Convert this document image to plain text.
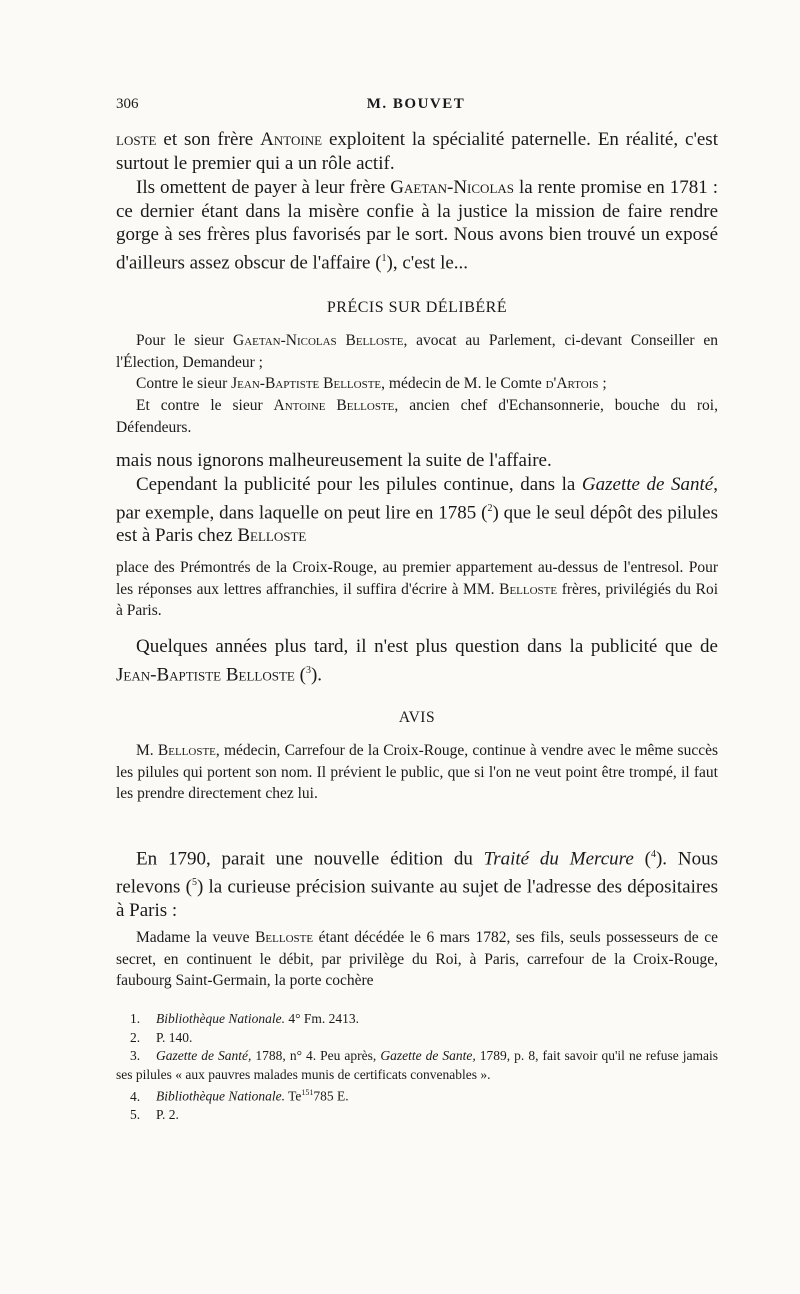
306	M. BOUVET

loste et son frère Antoine exploitent la spécialité paternelle. En réalité, c'est surtout le premier qui a un rôle actif.

Ils omettent de payer à leur frère Gaetan-Nicolas la rente promise en 1781 : ce dernier étant dans la misère confie à la justice la mission de faire rendre gorge à ses frères plus favorisés par le sort. Nous avons bien trouvé un exposé d'ailleurs assez obscur de l'affaire ($^1$), c'est le...

PRÉCIS SUR DÉLIBÉRÉ

Pour le sieur Gaetan-Nicolas Belloste, avocat au Parlement, ci-devant Conseiller en l'Élection, Demandeur ;

Contre le sieur Jean-Baptiste Belloste, médecin de M. le Comte d'Artois ;

Et contre le sieur Antoine Belloste, ancien chef d'Echansonnerie, bouche du roi, Défendeurs.

mais nous ignorons malheureusement la suite de l'affaire.

Cependant la publicité pour les pilules continue, dans la Gazette de Santé, par exemple, dans laquelle on peut lire en 1785 ($^2$) que le seul dépôt des pilules est à Paris chez Belloste

place des Prémontrés de la Croix-Rouge, au premier appartement au-dessus de l'entresol. Pour les réponses aux lettres affranchies, il suffira d'écrire à MM. Belloste frères, privilégiés du Roi à Paris.

Quelques années plus tard, il n'est plus question dans la publicité que de Jean-Baptiste Belloste ($^3$).

AVIS

M. Belloste, médecin, Carrefour de la Croix-Rouge, continue à vendre avec le même succès les pilules qui portent son nom. Il prévient le public, que si l'on ne veut point être trompé, il faut les prendre directement chez lui.

En 1790, parait une nouvelle édition du Traité du Mercure ($^4$). Nous relevons ($^5$) la curieuse précision suivante au sujet de l'adresse des dépositaires à Paris :

Madame la veuve Belloste étant décédée le 6 mars 1782, ses fils, seuls possesseurs de ce secret, en continuent le débit, par privilège du Roi, à Paris, carrefour de la Croix-Rouge, faubourg Saint-Germain, la porte cochère

1. Bibliothèque Nationale. 4° Fm. 2413.

2. P. 140.

3. Gazette de Santé, 1788, n° 4. Peu après, Gazette de Sante, 1789, p. 8, fait savoir qu'il ne refuse jamais ses pilules « aux pauvres malades munis de certificats convenables ».

4. Bibliothèque Nationale. Te$^{151}$785 E.

5. P. 2.
